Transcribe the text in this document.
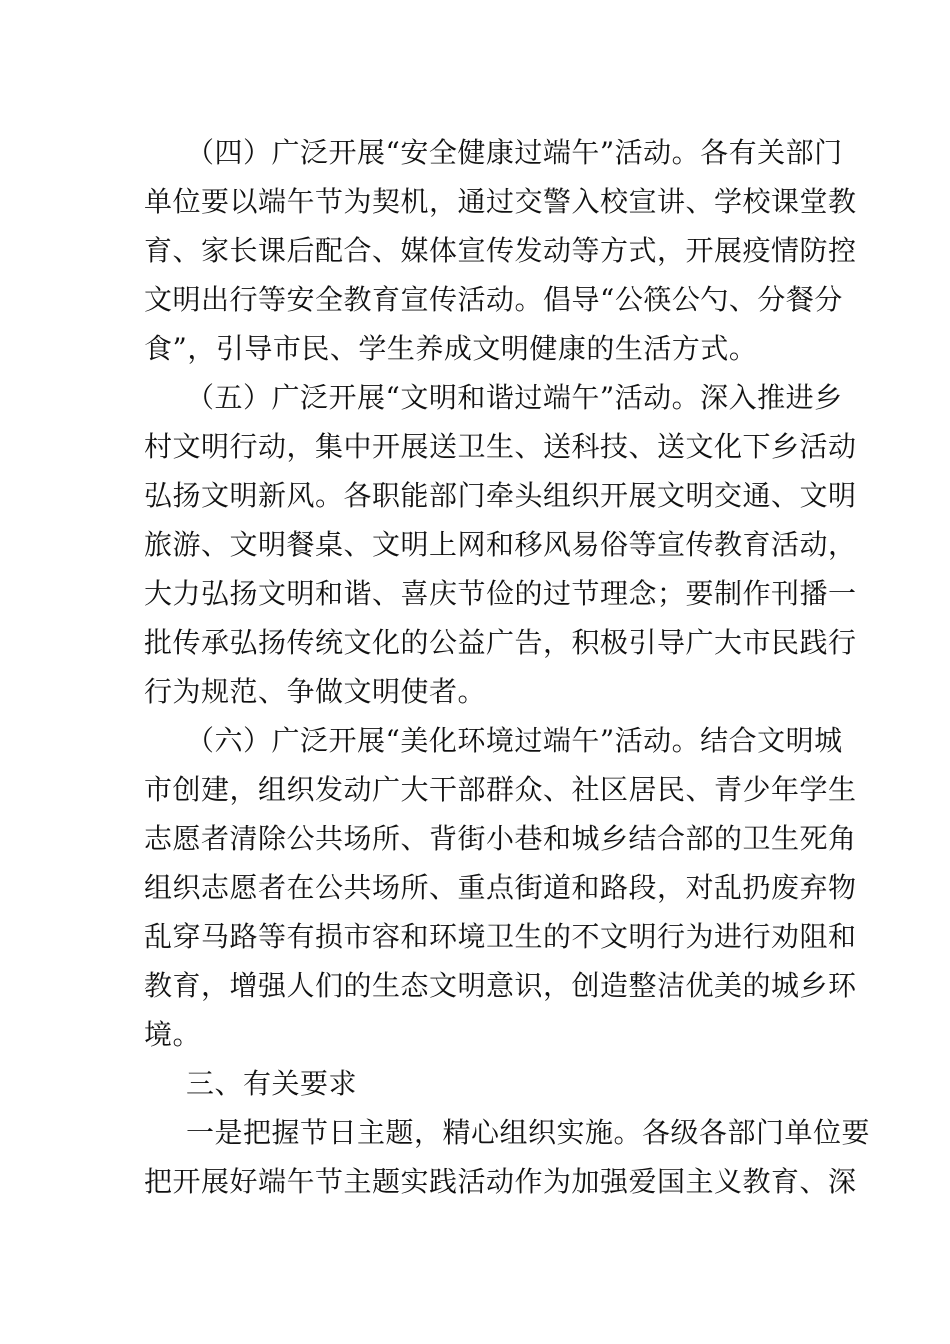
（四）广泛开展“安全健康过端午”活动。各有关部门
单位要以端午节为契机，通过交警入校宣讲、学校课堂教
育、家长课后配合、媒体宣传发动等方式，开展疫情防控
文明出行等安全教育宣传活动。倡导“公筷公勺、分餐分
食”，引导市民、学生养成文明健康的生活方式。
（五）广泛开展“文明和谐过端午”活动。深入推进乡
村文明行动，集中开展送卫生、送科技、送文化下乡活动
弘扬文明新风。各职能部门牵头组织开展文明交通、文明
旅游、文明餐桌、文明上网和移风易俗等宣传教育活动，
大力弘扬文明和谐、喜庆节俭的过节理念；要制作刊播一
批传承弘扬传统文化的公益广告，积极引导广大市民践行
行为规范、争做文明使者。
（六）广泛开展“美化环境过端午”活动。结合文明城
市创建，组织发动广大干部群众、社区居民、青少年学生
志愿者清除公共场所、背街小巷和城乡结合部的卫生死角
组织志愿者在公共场所、重点街道和路段，对乱扔废弃物
乱穿马路等有损市容和环境卫生的不文明行为进行劝阻和
教育，增强人们的生态文明意识，创造整洁优美的城乡环
境。
三、有关要求
一是把握节日主题，精心组织实施。各级各部门单位要
把开展好端午节主题实践活动作为加强爱国主义教育、深
